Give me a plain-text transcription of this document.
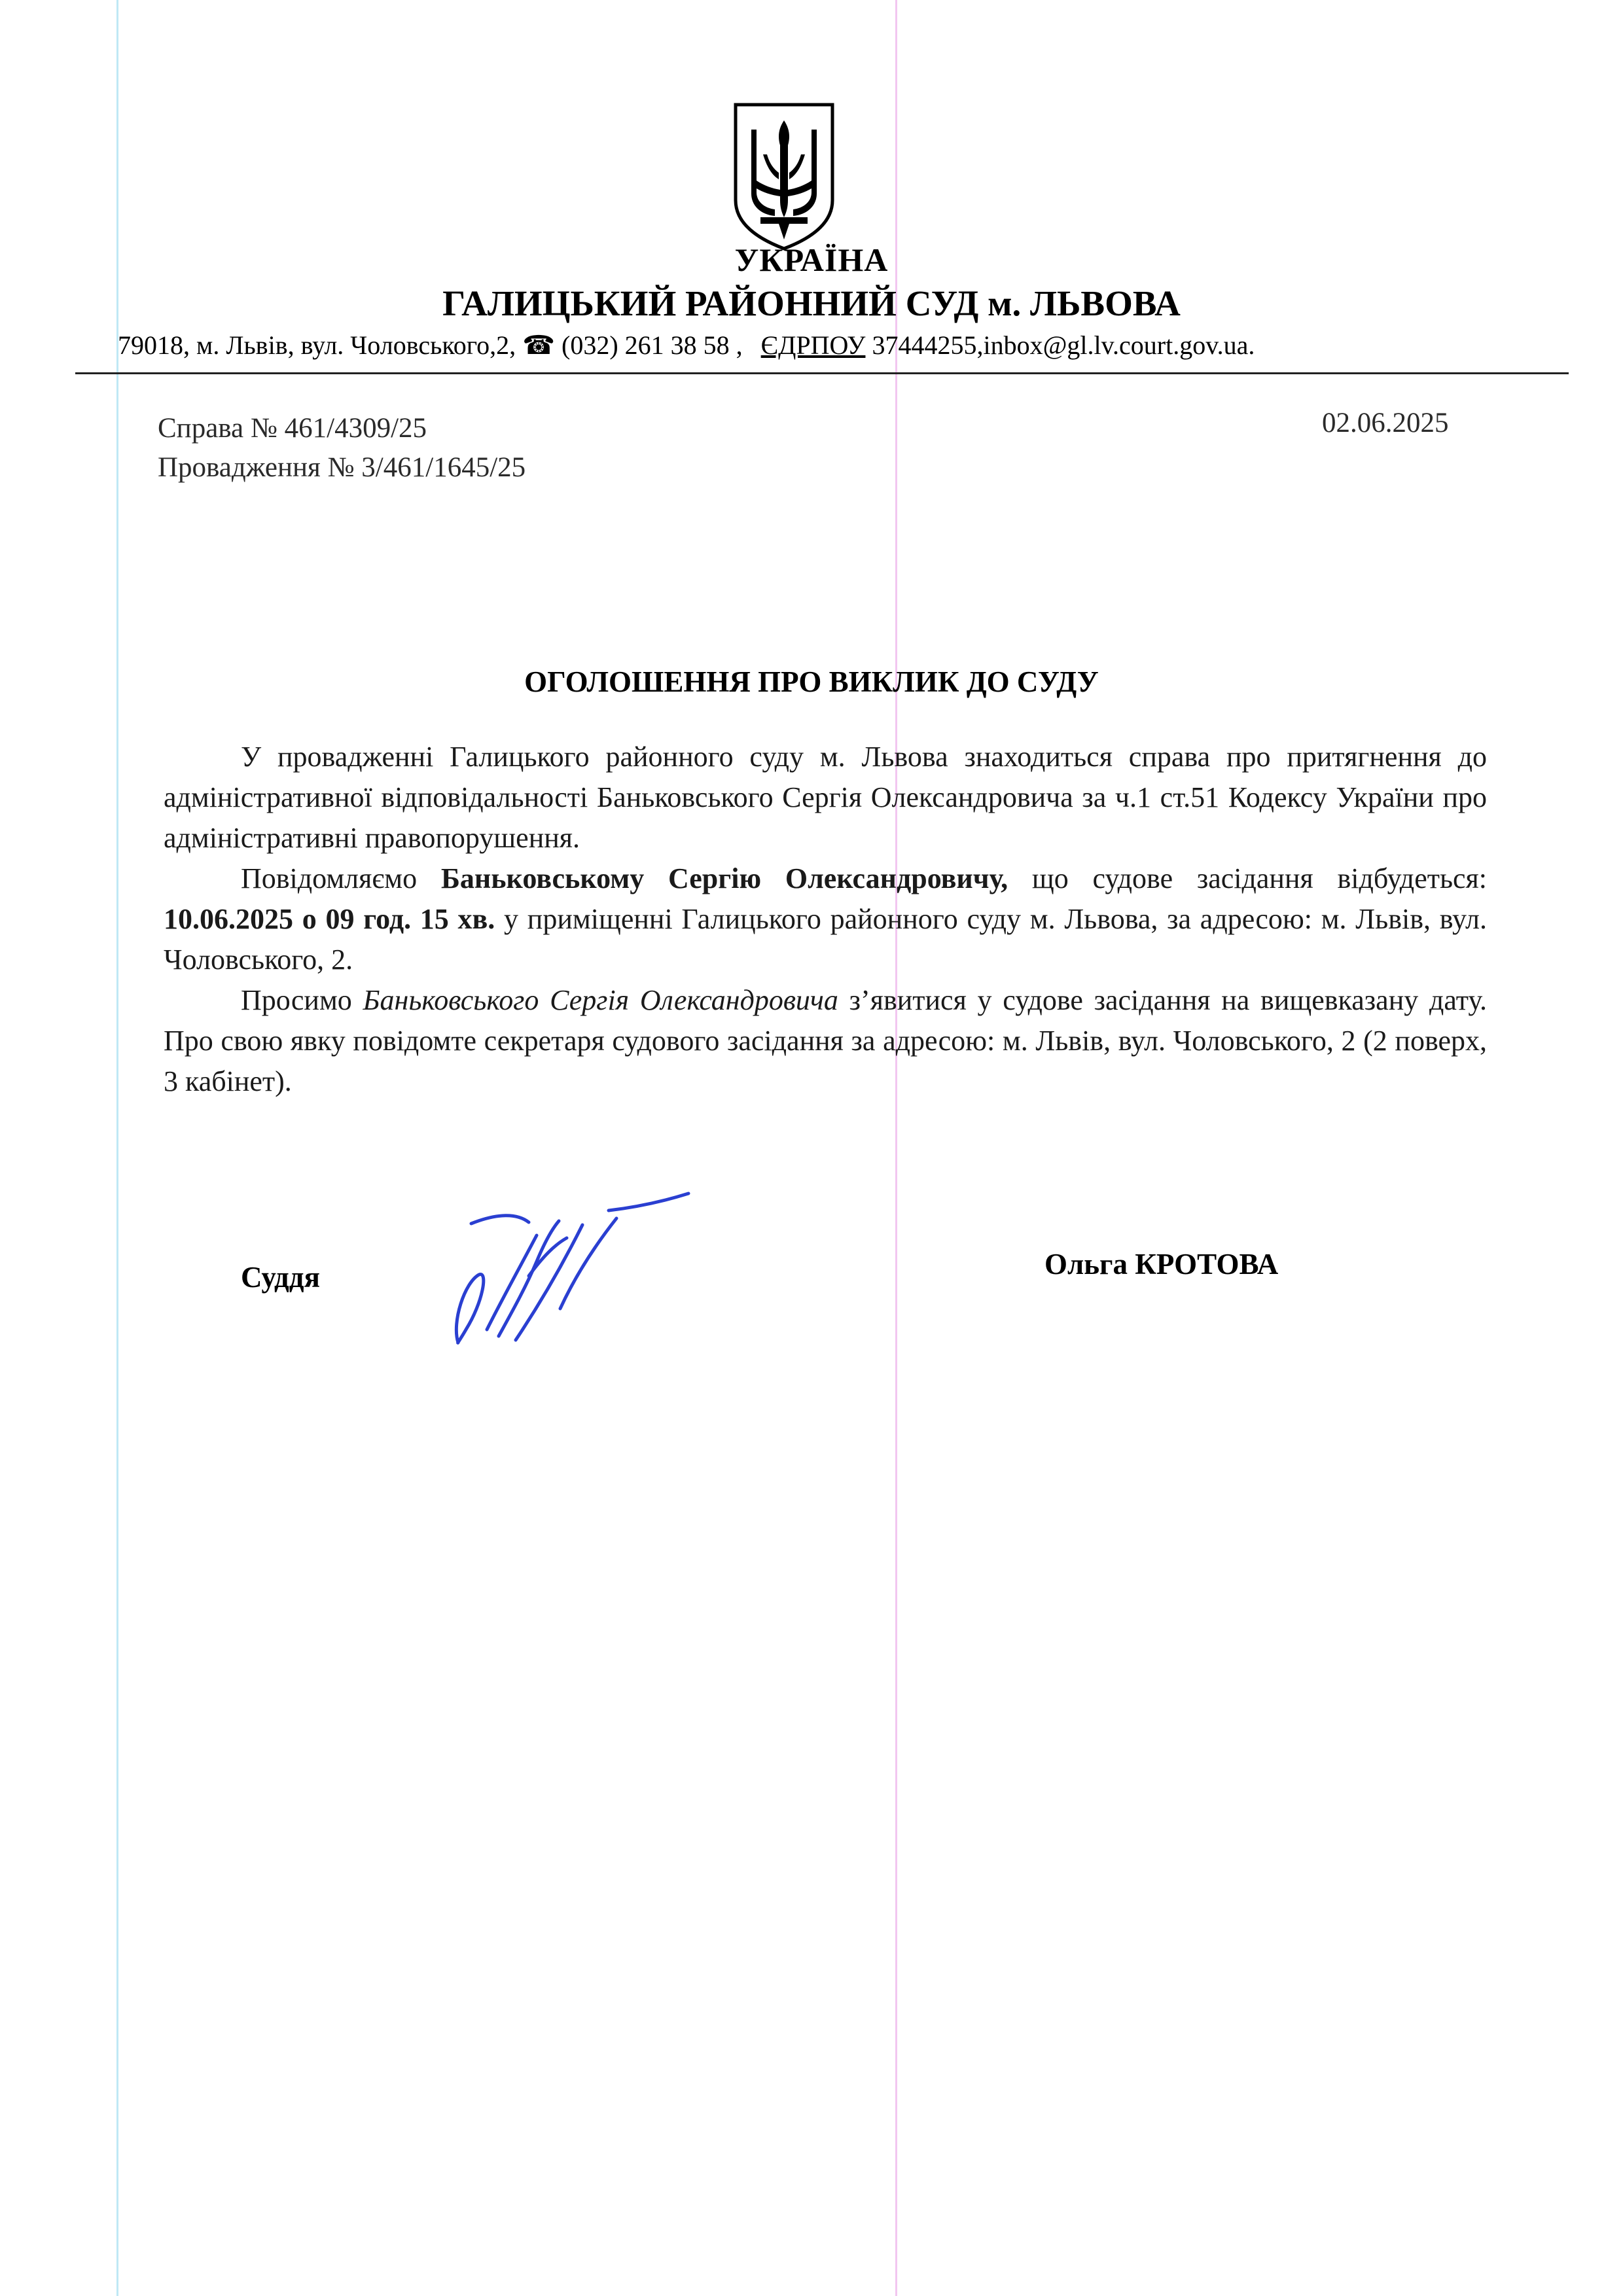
УКРАЇНА
ГАЛИЦЬКИЙ РАЙОННИЙ СУД м. ЛЬВОВА
79018, м. Львів, вул. Чоловського,2, ☎ (032) 261 38 58 , ЄДРПОУ 37444255,inbox@gl.lv.court.gov.ua.
Справа № 461/4309/25
Провадження № 3/461/1645/25
02.06.2025
ОГОЛОШЕННЯ ПРО ВИКЛИК ДО СУДУ

У провадженні Галицького районного суду м. Львова знаходиться справа про притягнення до адміністративної відповідальності Баньковського Сергія Олександровича за ч.1 ст.51 Кодексу України про адміністративні правопорушення.

Повідомляємо Баньковському Сергію Олександровичу, що судове засідання відбудеться: 10.06.2025 о 09 год. 15 хв. у приміщенні Галицького районного суду м. Львова, за адресою: м. Львів, вул. Чоловського, 2.

Просимо Баньковського Сергія Олександровича з’явитися у судове засідання на вищевказану дату. Про свою явку повідомте секретаря судового засідання за адресою: м. Львів, вул. Чоловського, 2 (2 поверх, 3 кабінет).

Суддя	Ольга КРОТОВА
